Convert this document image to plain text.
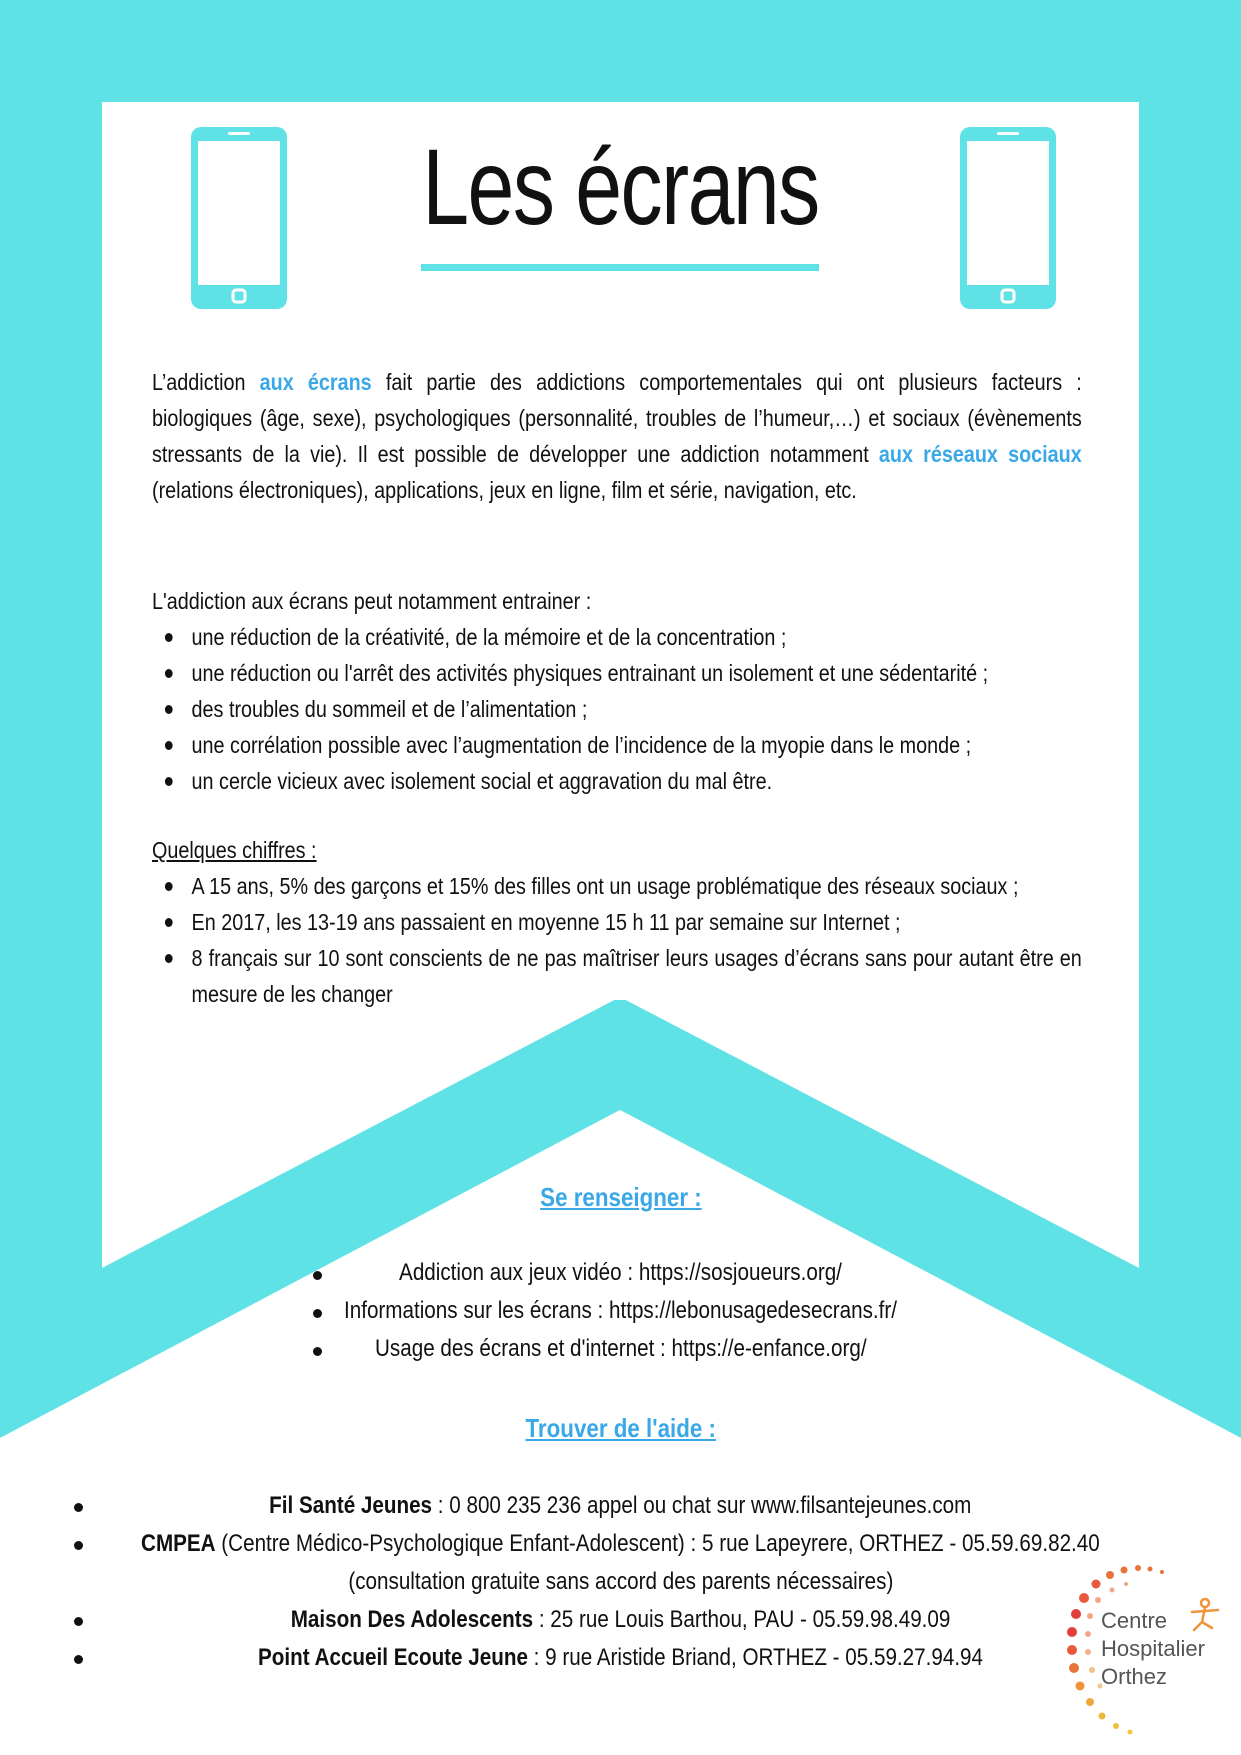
Les écrans
L’addiction aux écrans fait partie des addictions comportementales qui ont plusieurs facteurs : biologiques (âge, sexe), psychologiques (personnalité, troubles de l’humeur,…) et sociaux (évènements stressants de la vie). Il est possible de développer une addiction notamment aux réseaux sociaux (relations électroniques), applications, jeux en ligne, film et série, navigation, etc.
L'addiction aux écrans peut notamment entrainer :
une réduction de la créativité, de la mémoire et de la concentration ;
une réduction ou l'arrêt des activités physiques entrainant un isolement et une sédentarité ;
des troubles du sommeil et de l’alimentation ;
une corrélation possible avec l’augmentation de l’incidence de la myopie dans le monde ;
un cercle vicieux avec isolement social et aggravation du mal être.
Quelques chiffres :
A 15 ans, 5% des garçons et 15% des filles ont un usage problématique des réseaux sociaux ;
En 2017, les 13-19 ans passaient en moyenne 15 h 11 par semaine sur Internet ;
8 français sur 10 sont conscients de ne pas maîtriser leurs usages d’écrans sans pour autant être en mesure de les changer
Se renseigner :
Addiction aux jeux vidéo : https://sosjoueurs.org/
Informations sur les écrans : https://lebonusagedesecrans.fr/
Usage des écrans et d'internet : https://e-enfance.org/
Trouver de l'aide :
Fil Santé Jeunes : 0 800 235 236 appel ou chat sur www.filsantejeunes.com
CMPEA (Centre Médico-Psychologique Enfant-Adolescent) : 5 rue Lapeyrere, ORTHEZ - 05.59.69.82.40
(consultation gratuite sans accord des parents nécessaires)
Maison Des Adolescents : 25 rue Louis Barthou, PAU - 05.59.98.49.09
Point Accueil Ecoute Jeune : 9 rue Aristide Briand, ORTHEZ - 05.59.27.94.94
Centre
Hospitalier
Orthez
